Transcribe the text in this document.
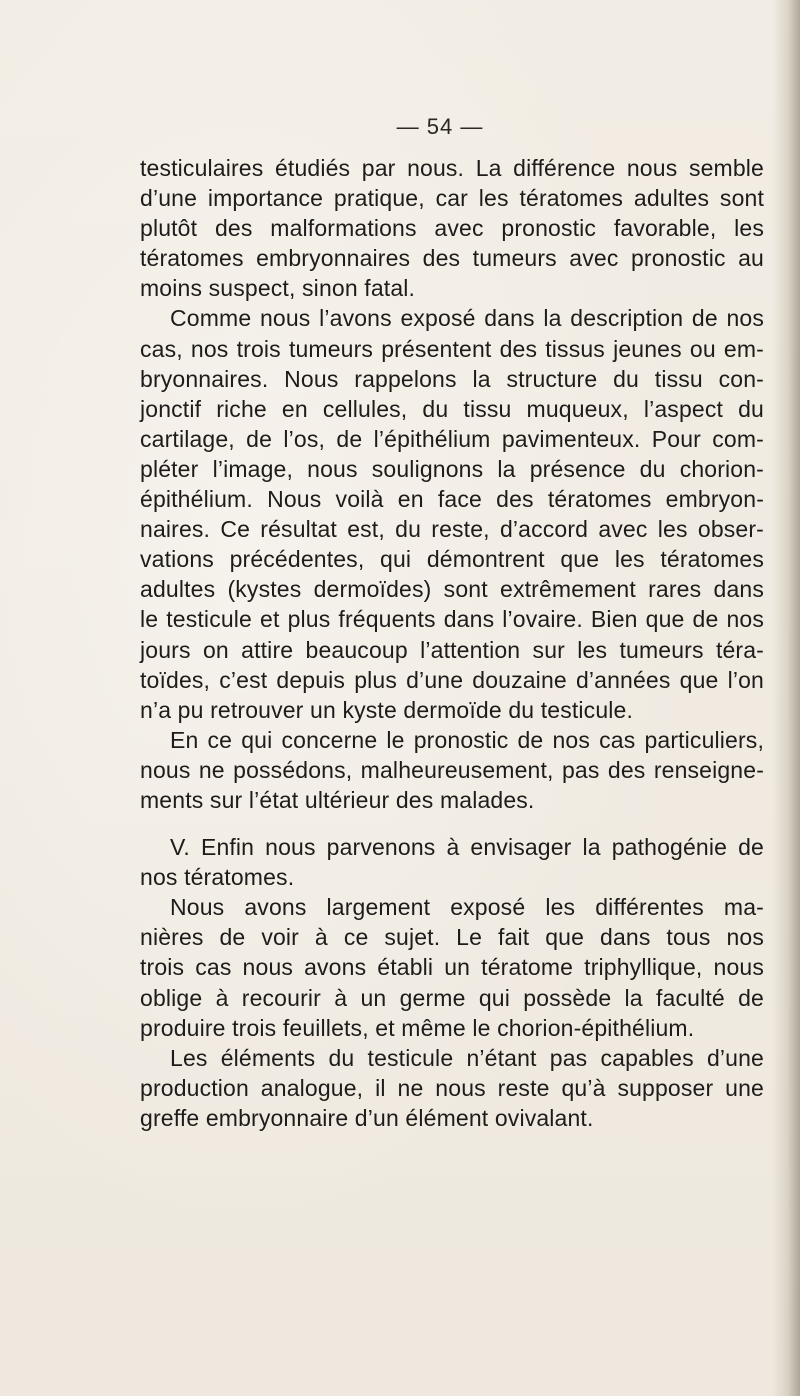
— 54 —
testiculaires étudiés par nous. La différence nous semble
d’une importance pratique, car les tératomes adultes sont
plutôt des malformations avec pronostic favorable, les
tératomes embryonnaires des tumeurs avec pronostic au
moins suspect, sinon fatal.
Comme nous l’avons exposé dans la description de nos
cas, nos trois tumeurs présentent des tissus jeunes ou em-
bryonnaires. Nous rappelons la structure du tissu con-
jonctif riche en cellules, du tissu muqueux, l’aspect du
cartilage, de l’os, de l’épithélium pavimenteux. Pour com-
pléter l’image, nous soulignons la présence du chorion-
épithélium. Nous voilà en face des tératomes embryon-
naires. Ce résultat est, du reste, d’accord avec les obser-
vations précédentes, qui démontrent que les tératomes
adultes (kystes dermoïdes) sont extrêmement rares dans
le testicule et plus fréquents dans l’ovaire. Bien que de nos
jours on attire beaucoup l’attention sur les tumeurs téra-
toïdes, c’est depuis plus d’une douzaine d’années que l’on
n’a pu retrouver un kyste dermoïde du testicule.
En ce qui concerne le pronostic de nos cas particuliers,
nous ne possédons, malheureusement, pas des renseigne-
ments sur l’état ultérieur des malades.
V. Enfin nous parvenons à envisager la pathogénie de
nos tératomes.
Nous avons largement exposé les différentes ma-
nières de voir à ce sujet. Le fait que dans tous nos
trois cas nous avons établi un tératome triphyllique, nous
oblige à recourir à un germe qui possède la faculté de
produire trois feuillets, et même le chorion-épithélium.
Les éléments du testicule n’étant pas capables d’une
production analogue, il ne nous reste qu’à supposer une
greffe embryonnaire d’un élément ovivalant.
